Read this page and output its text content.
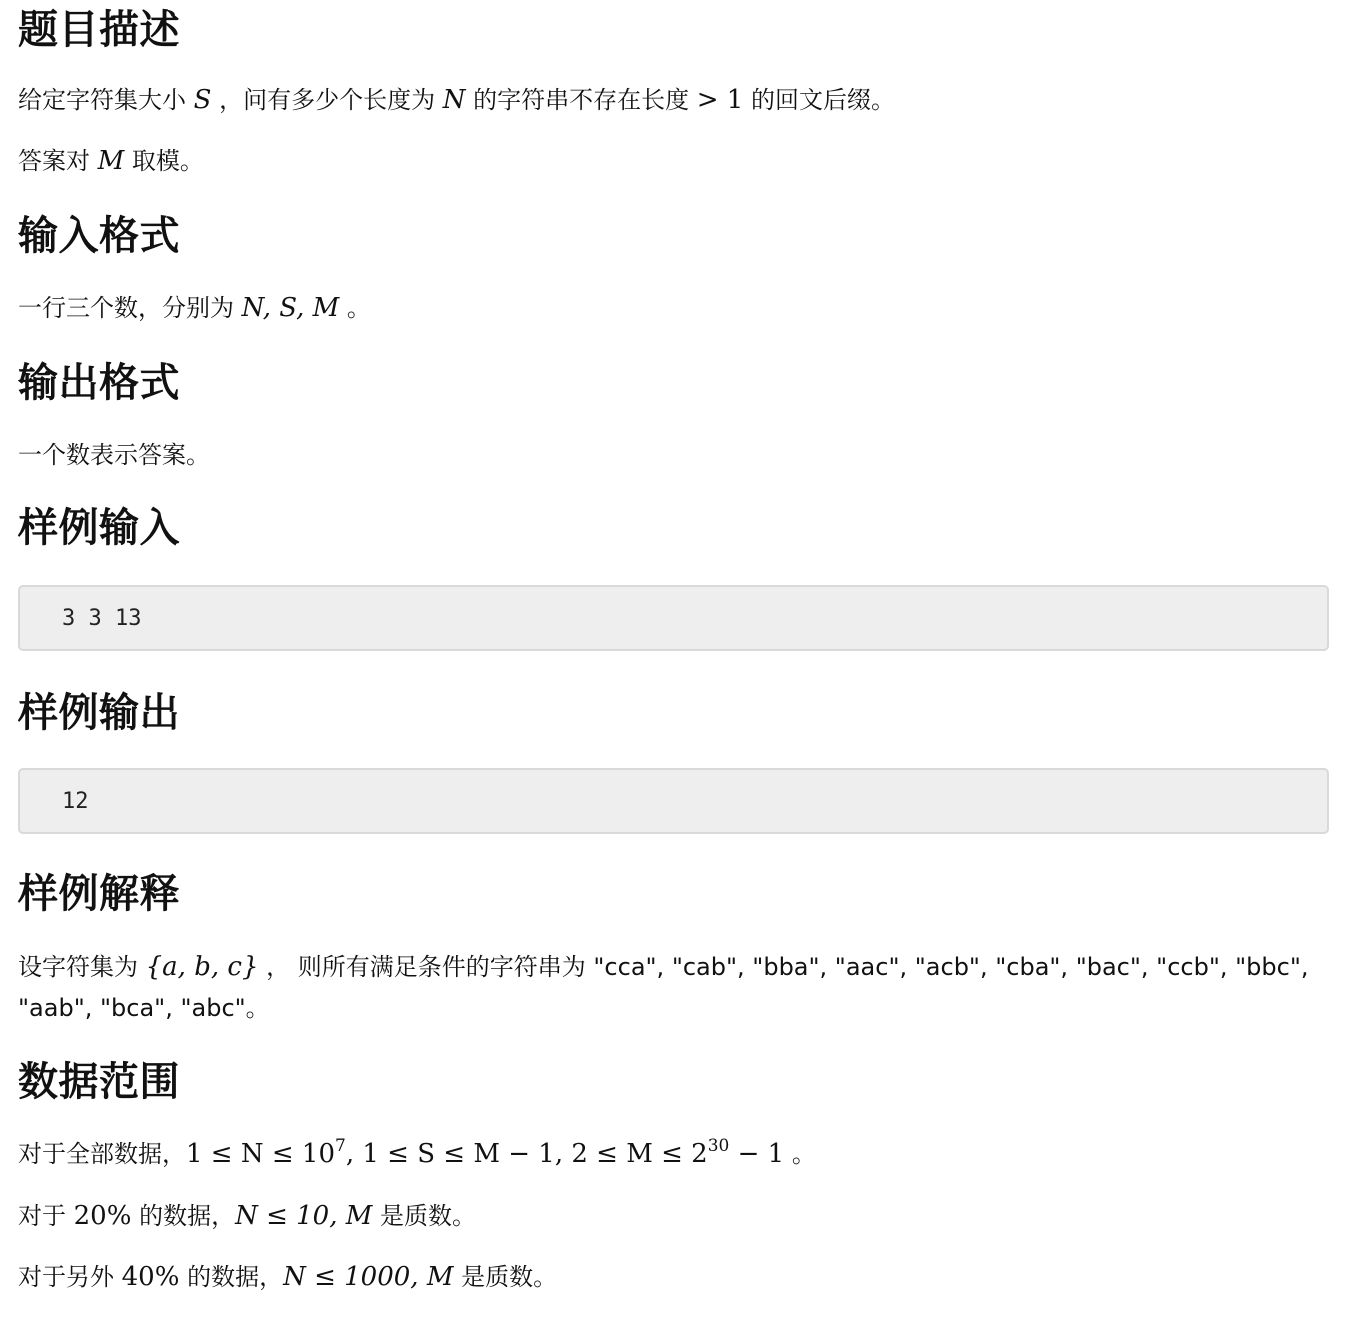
题目描述

给定字符集大小 S ，问有多少个长度为 N 的字符串不存在长度 > 1 的回文后缀。

答案对 M 取模。

输入格式

一行三个数，分别为 N, S, M 。

输出格式

一个数表示答案。

样例输入
3 3 13
样例输出
12
样例解释

设字符集为 {a, b, c} ， 则所有满足条件的字符串为 "cca", "cab", "bba", "aac", "acb", "cba", "bac", "ccb", "bbc",

"aab", "bca", "abc"。

数据范围

对于全部数据，$1 \le N \le 10^7$, 1 ≤ S ≤ M − 1, $2 \le M \le 2^{30} - 1$ 。

对于 20% 的数据，N ≤ 10, M 是质数。

对于另外 40% 的数据，N ≤ 1000, M 是质数。
